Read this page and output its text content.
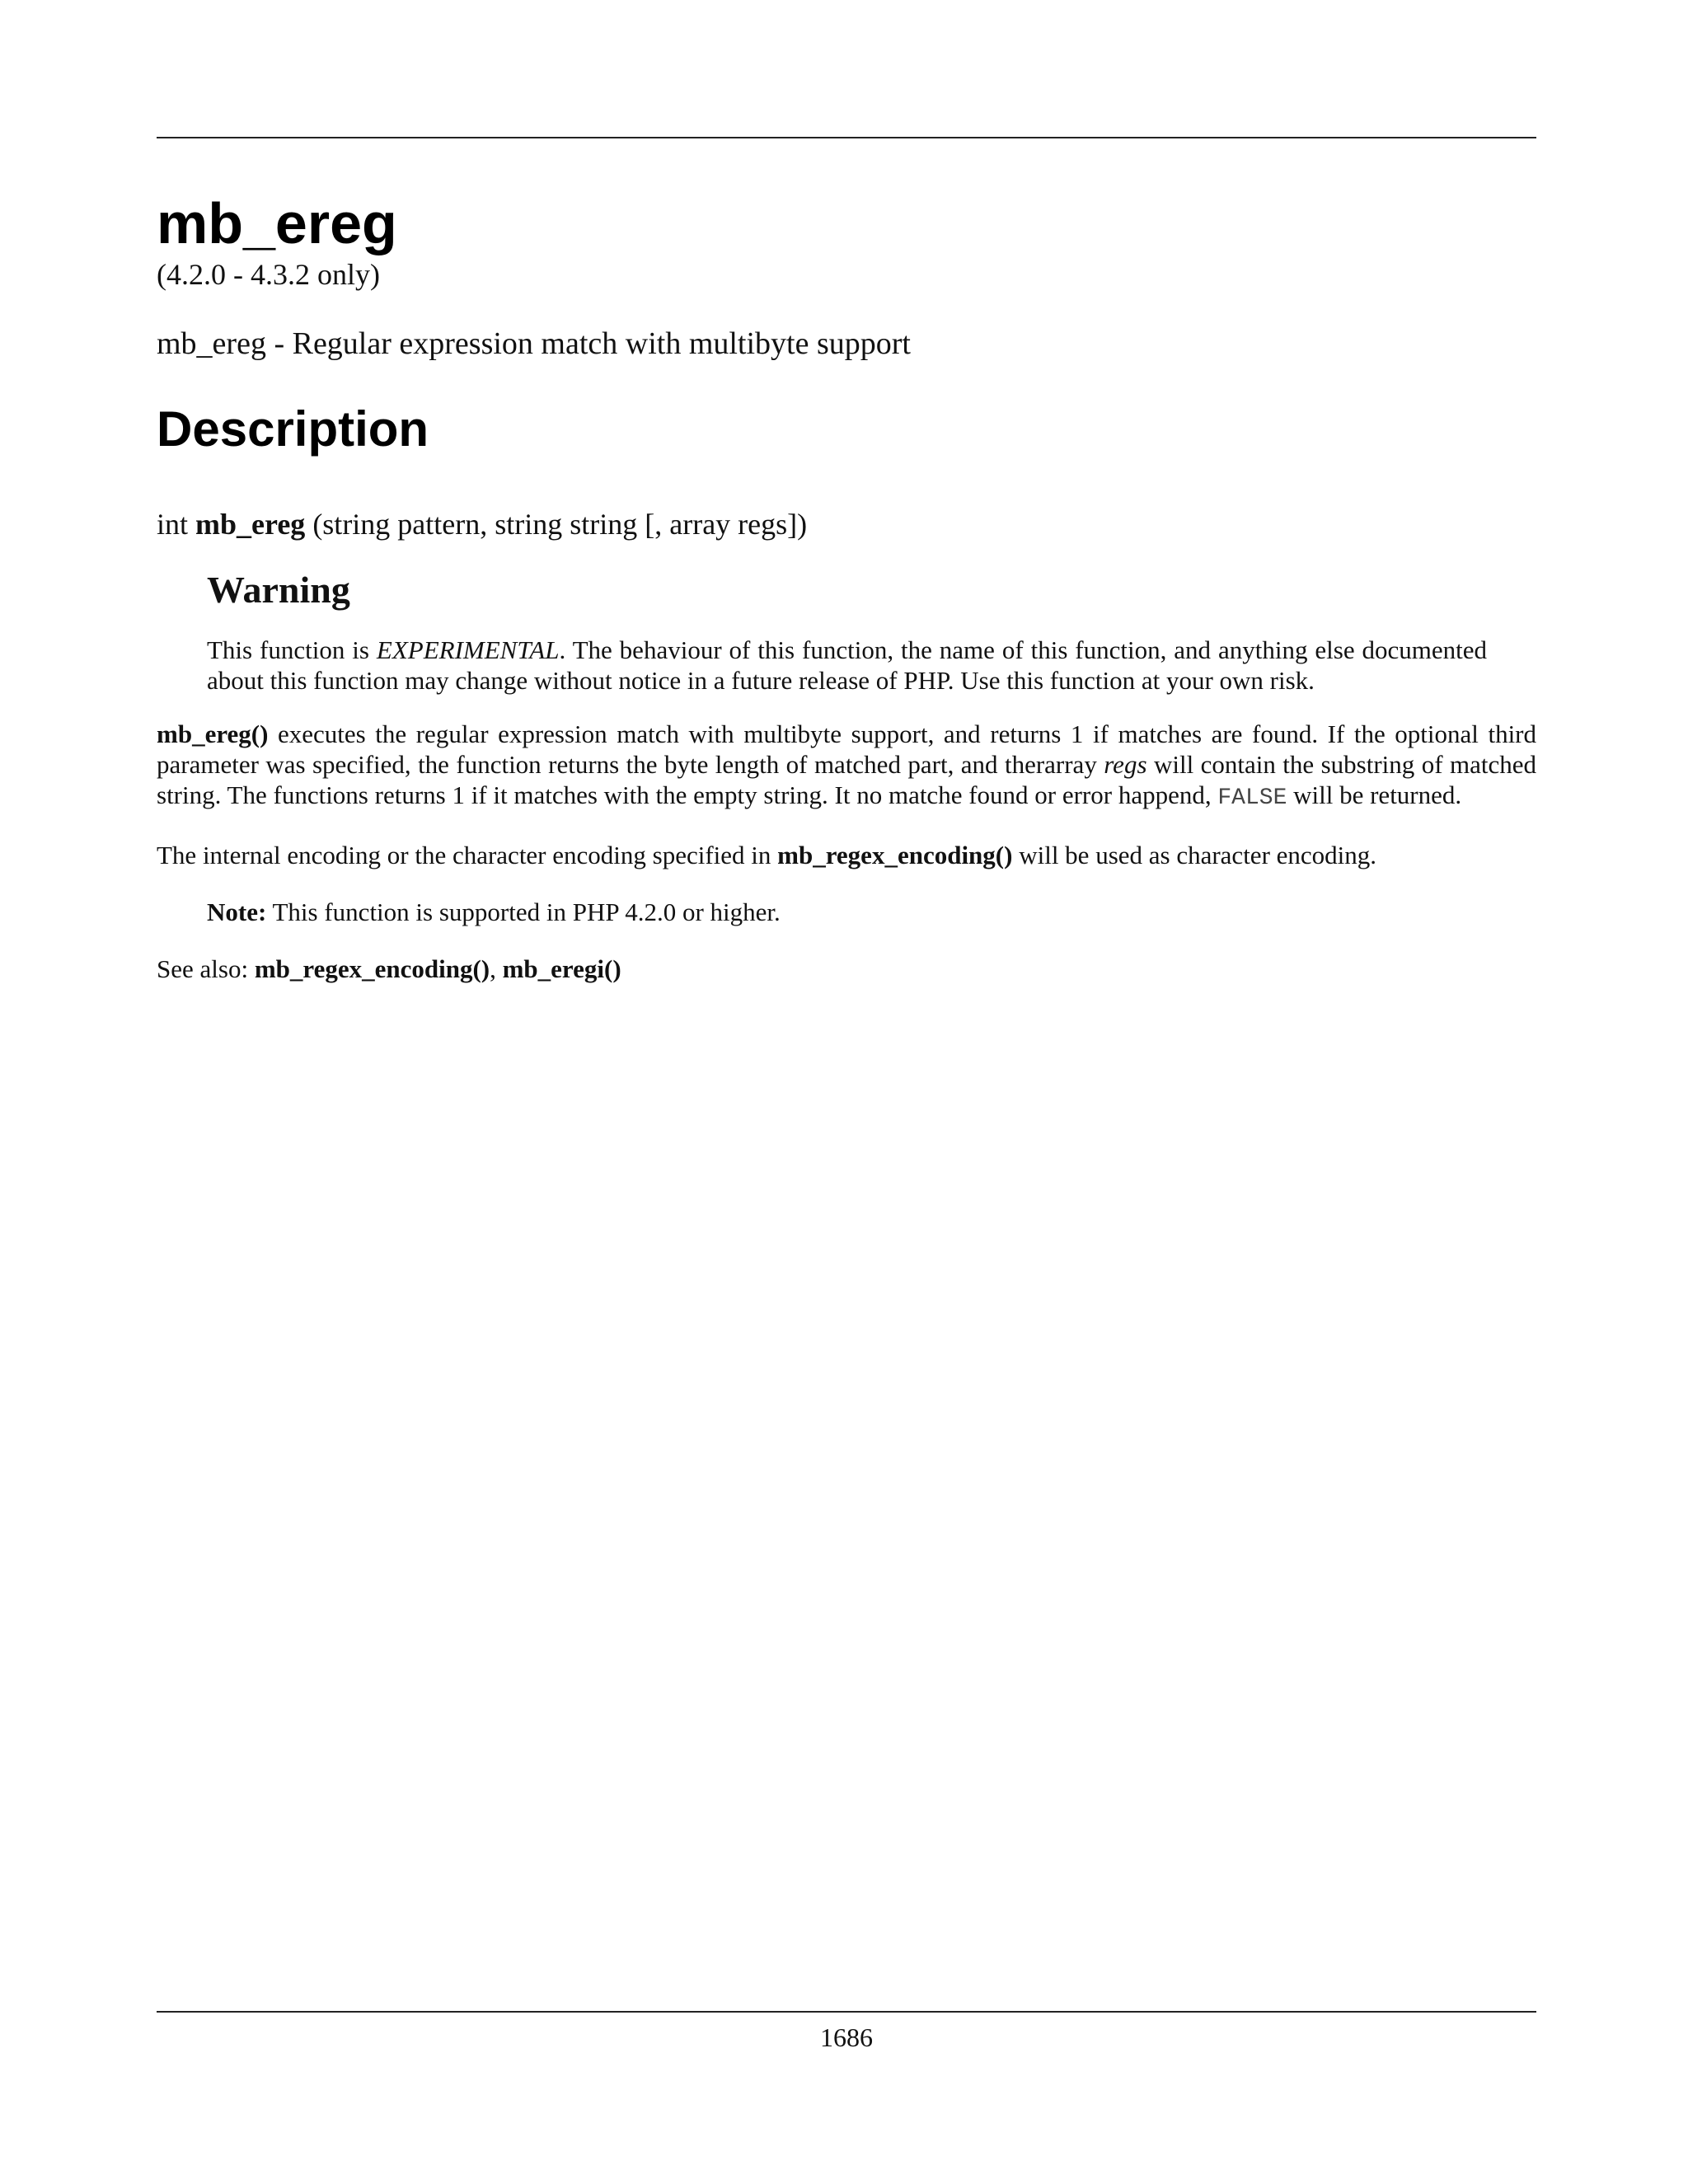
mb_ereg
(4.2.0 - 4.3.2 only)
mb_ereg - Regular expression match with multibyte support
Description
int mb_ereg (string pattern, string string [, array regs])
Warning

This function is EXPERIMENTAL. The behaviour of this function, the name of this function, and anything else documented about this function may change without notice in a future release of PHP. Use this function at your own risk.

mb_ereg() executes the regular expression match with multibyte support, and returns 1 if matches are found. If the optional third parameter was specified, the function returns the byte length of matched part, and therarray regs will contain the substring of matched string. The functions returns 1 if it matches with the empty string. It no matche found or error happend, FALSE will be returned.

The internal encoding or the character encoding specified in mb_regex_encoding() will be used as character encoding.

Note: This function is supported in PHP 4.2.0 or higher.

See also: mb_regex_encoding(), mb_eregi()

1686
